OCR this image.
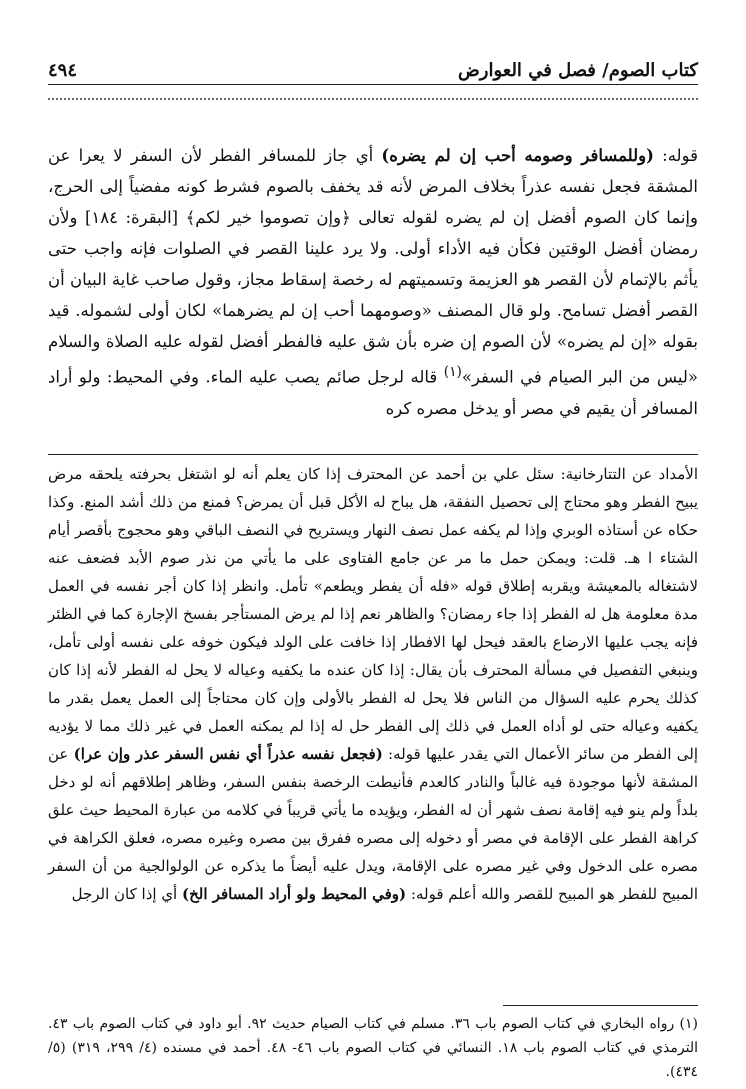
كتاب الصوم/ فصل في العوارض
٤٩٤
قوله: (وللمسافر وصومه أحب إن لم يضره) أي جاز للمسافر الفطر لأن السفر لا يعرا عن المشقة فجعل نفسه عذراً بخلاف المرض لأنه قد يخفف بالصوم فشرط كونه مفضياً إلى الحرج، وإنما كان الصوم أفضل إن لم يضره لقوله تعالى ﴿وإن تصوموا خير لكم﴾ [البقرة: ١٨٤] ولأن رمضان أفضل الوقتين فكأن فيه الأداء أولى. ولا يرد علينا القصر في الصلوات فإنه واجب حتى يأثم بالإتمام لأن القصر هو العزيمة وتسميتهم له رخصة إسقاط مجاز، وقول صاحب غاية البيان أن القصر أفضل تسامح. ولو قال المصنف «وصومهما أحب إن لم يضرهما» لكان أولى لشموله. قيد بقوله «إن لم يضره» لأن الصوم إن ضره بأن شق عليه فالفطر أفضل لقوله عليه الصلاة والسلام «ليس من البر الصيام في السفر»$^{(١)}$ قاله لرجل صائم يصب عليه الماء. وفي المحيط: ولو أراد المسافر أن يقيم في مصر أو يدخل مصره كره
الأمداد عن التتارخانية: سئل علي بن أحمد عن المحترف إذا كان يعلم أنه لو اشتغل بحرفته يلحقه مرض يبيح الفطر وهو محتاج إلى تحصيل النفقة، هل يباح له الأكل قبل أن يمرض؟ فمنع من ذلك أشد المنع. وكذا حكاه عن أستاذه الوبري وإذا لم يكفه عمل نصف النهار ويستريح في النصف الباقي وهو محجوج بأقصر أيام الشتاء ا هـ. قلت: ويمكن حمل ما مر عن جامع الفتاوى على ما يأتي من نذر صوم الأبد فضعف عنه لاشتغاله بالمعيشة ويقربه إطلاق قوله «فله أن يفطر ويطعم» تأمل. وانظر إذا كان أجر نفسه في العمل مدة معلومة هل له الفطر إذا جاء رمضان؟ والظاهر نعم إذا لم يرض المستأجر بفسخ الإجارة كما في الظئر فإنه يجب عليها الارضاع بالعقد فيحل لها الافطار إذا خافت على الولد فيكون خوفه على نفسه أولى تأمل، وينبغي التفصيل في مسألة المحترف بأن يقال: إذا كان عنده ما يكفيه وعياله لا يحل له الفطر لأنه إذا كان كذلك يحرم عليه السؤال من الناس فلا يحل له الفطر بالأولى وإن كان محتاجاً إلى العمل يعمل بقدر ما يكفيه وعياله حتى لو أداه العمل في ذلك إلى الفطر حل له إذا لم يمكنه العمل في غير ذلك مما لا يؤديه إلى الفطر من سائر الأعمال التي يقدر عليها قوله: (فجعل نفسه عذراً أي نفس السفر عذر وإن عرا) عن المشقة لأنها موجودة فيه غالباً والنادر كالعدم فأنيطت الرخصة بنفس السفر، وظاهر إطلاقهم أنه لو دخل بلداً ولم ينو فيه إقامة نصف شهر أن له الفطر، ويؤيده ما يأتي قريباً في كلامه من عبارة المحيط حيث علق كراهة الفطر على الإقامة في مصر أو دخوله إلى مصره ففرق بين مصره وغيره مصره، فعلق الكراهة في مصره على الدخول وفي غير مصره على الإقامة، ويدل عليه أيضاً ما يذكره عن الولوالجية من أن السفر المبيح للفطر هو المبيح للقصر والله أعلم قوله: (وفي المحيط ولو أراد المسافر الخ) أي إذا كان الرجل
(١) رواه البخاري في كتاب الصوم باب ٣٦. مسلم في كتاب الصيام حديث ٩٢. أبو داود في كتاب الصوم باب ٤٣. الترمذي في كتاب الصوم باب ١٨. النسائي في كتاب الصوم باب ٤٦- ٤٨. أحمد في مسنده (٤/ ٢٩٩، ٣١٩) (٥/ ٤٣٤).
